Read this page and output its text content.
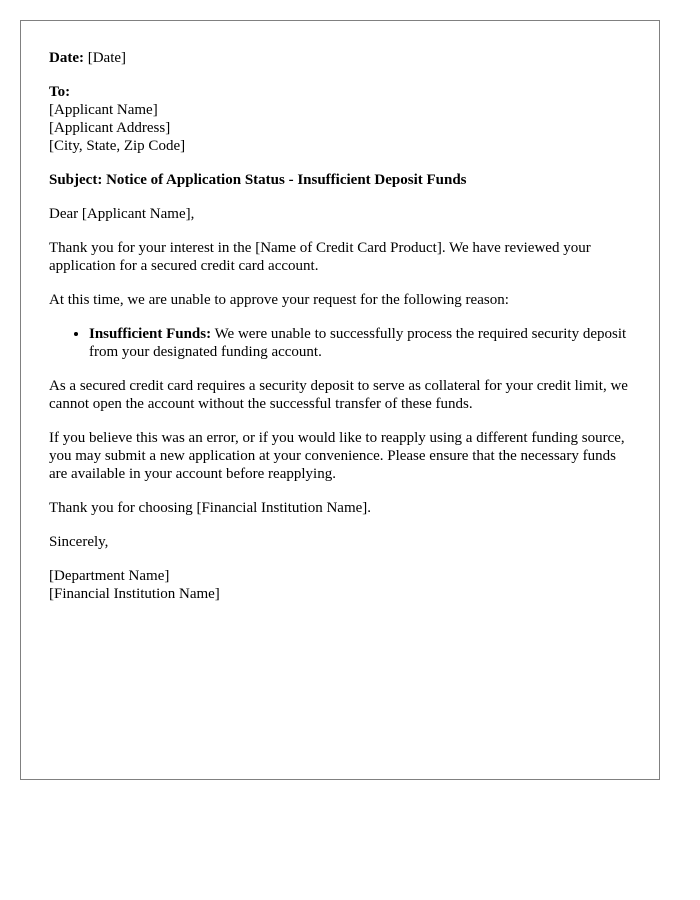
Date: [Date]

To:
[Applicant Name]
[Applicant Address]
[City, State, Zip Code]

Subject: Notice of Application Status - Insufficient Deposit Funds

Dear [Applicant Name],

Thank you for your interest in the [Name of Credit Card Product]. We have reviewed your application for a secured credit card account.

At this time, we are unable to approve your request for the following reason:

• Insufficient Funds: We were unable to successfully process the required security deposit from your designated funding account.

As a secured credit card requires a security deposit to serve as collateral for your credit limit, we cannot open the account without the successful transfer of these funds.

If you believe this was an error, or if you would like to reapply using a different funding source, you may submit a new application at your convenience. Please ensure that the necessary funds are available in your account before reapplying.

Thank you for choosing [Financial Institution Name].

Sincerely,

[Department Name]
[Financial Institution Name]
